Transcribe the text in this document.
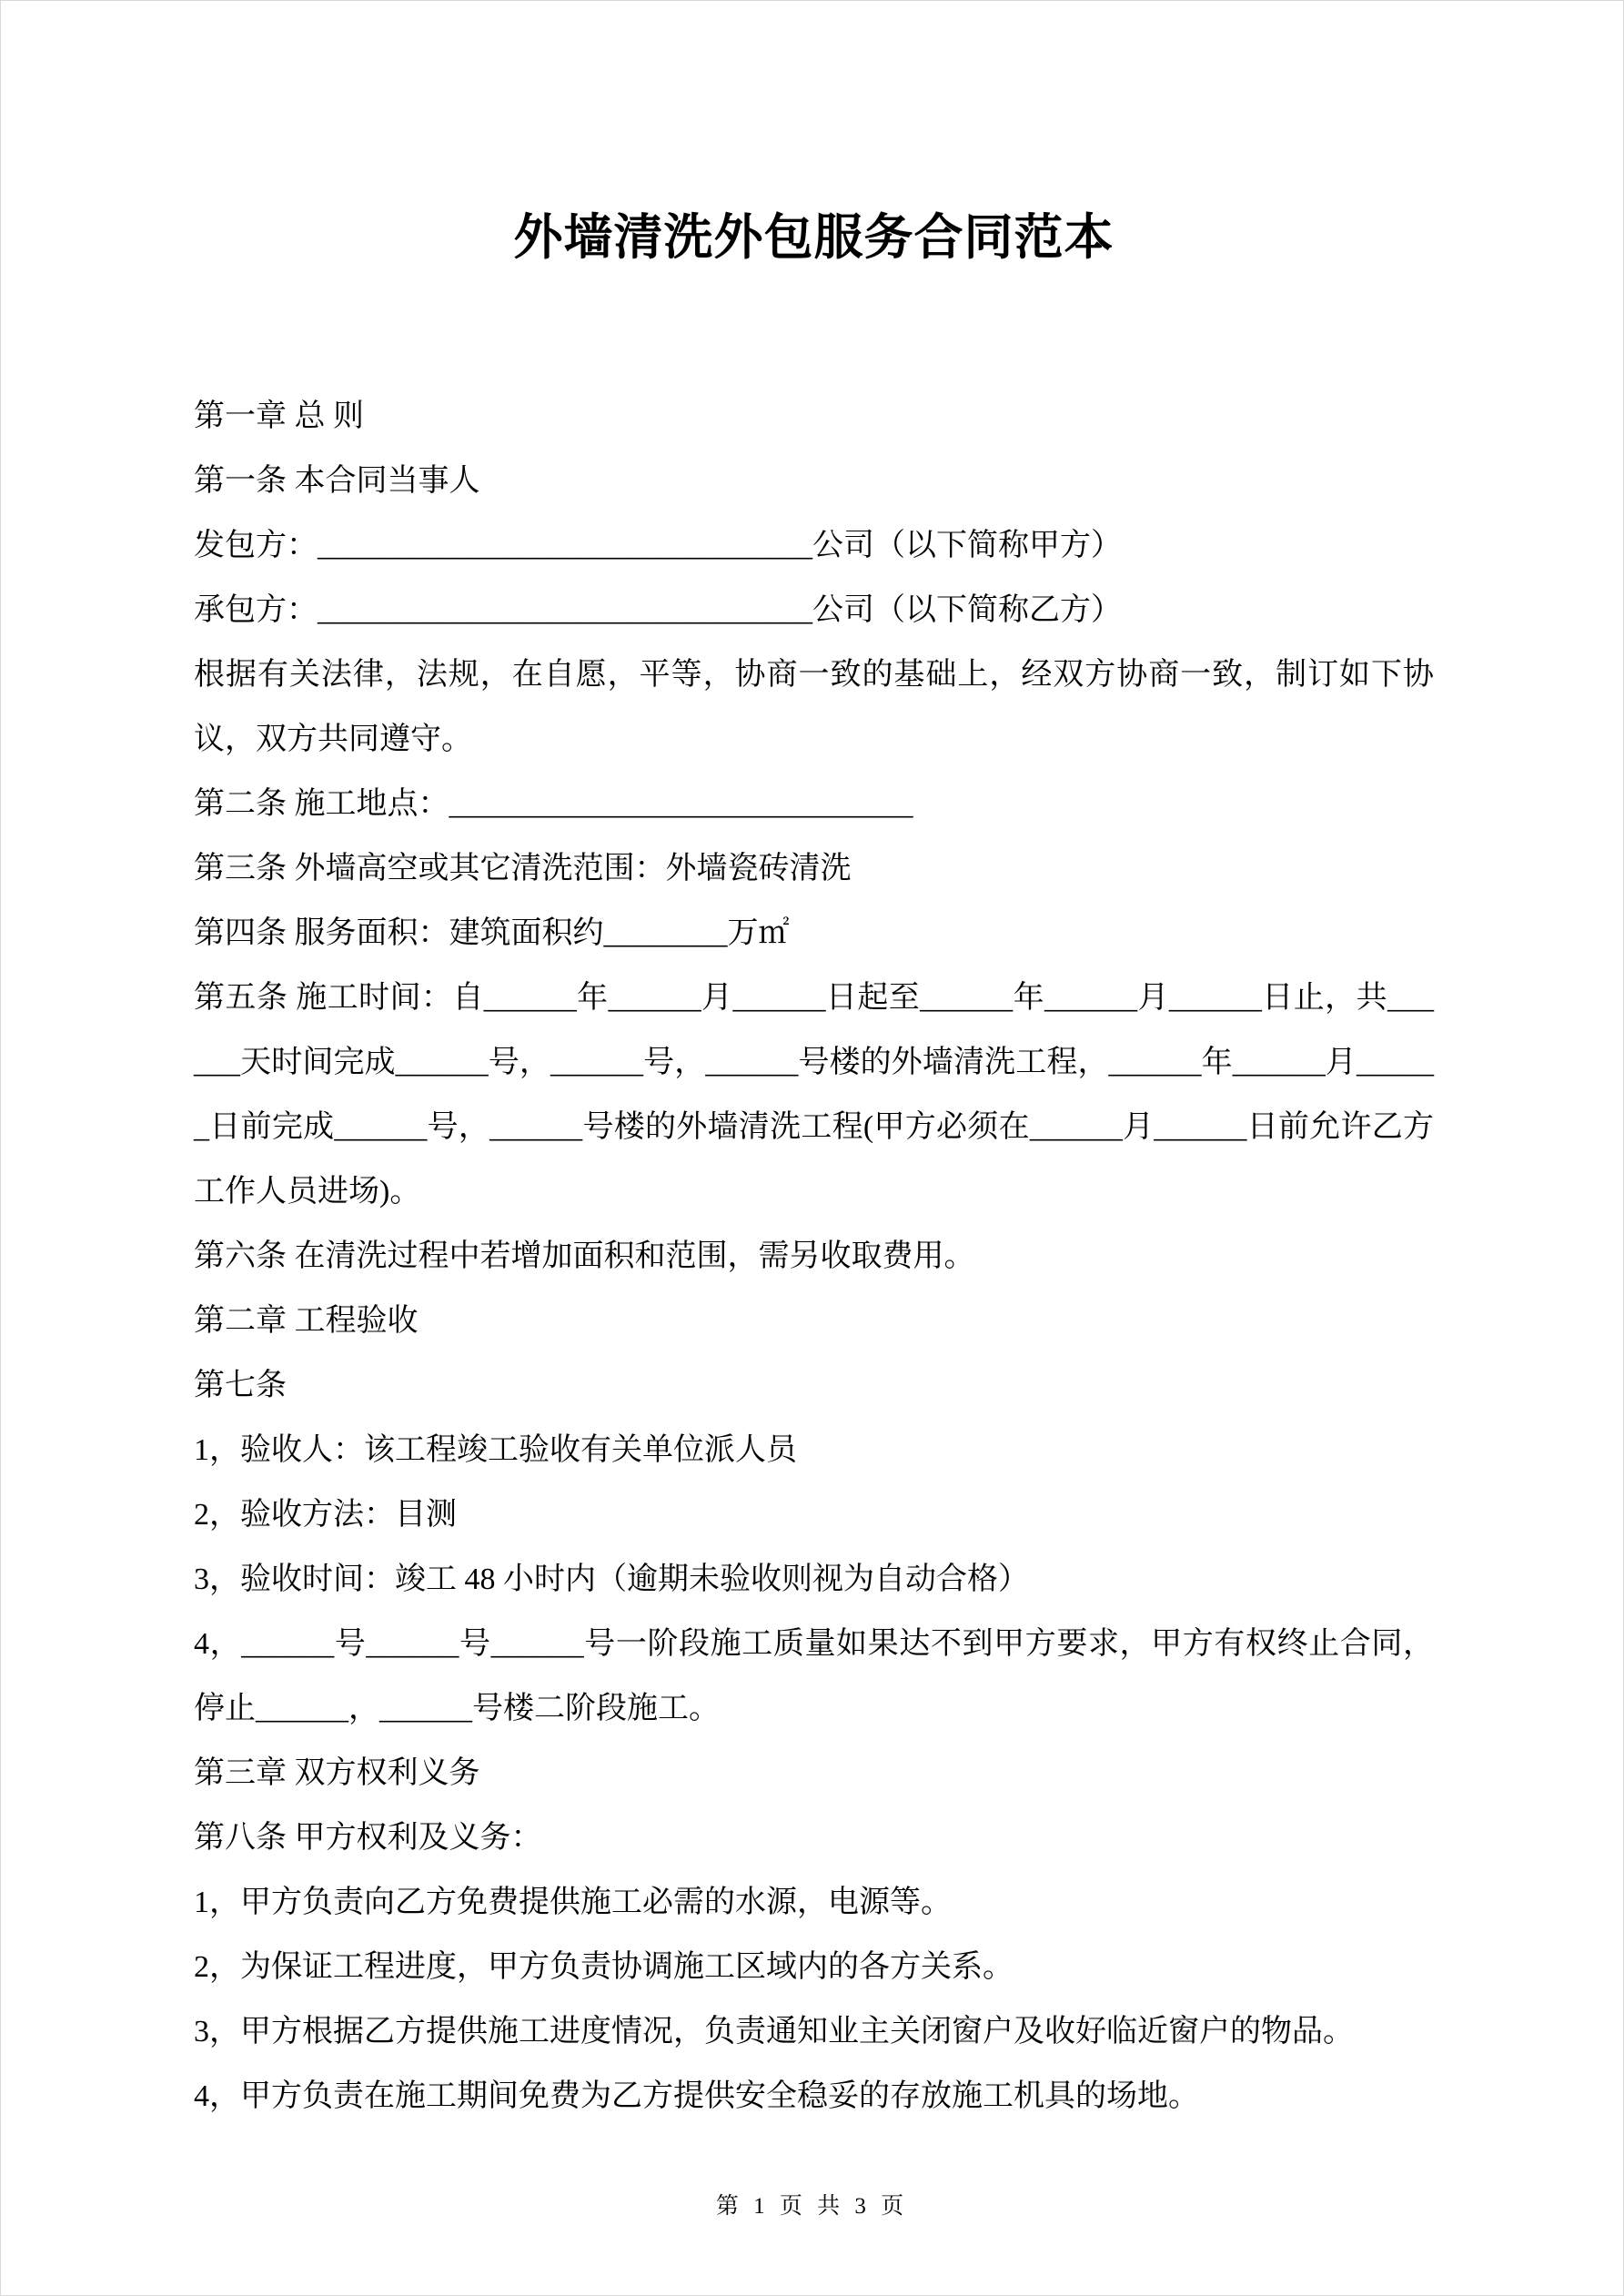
外墙清洗外包服务合同范本

第一章 总 则

第一条 本合同当事人

发包方：________________________________公司（以下简称甲方）

承包方：________________________________公司（以下简称乙方）

根据有关法律，法规，在自愿，平等，协商一致的基础上，经双方协商一致，制订如下协议，双方共同遵守。

第二条 施工地点：______________________________

第三条 外墙高空或其它清洗范围：外墙瓷砖清洗

第四条 服务面积：建筑面积约________万㎡

第五条 施工时间：自______年______月______日起至______年______月______日止，共______天时间完成______号，______号，______号楼的外墙清洗工程，______年______月______日前完成______号，______号楼的外墙清洗工程(甲方必须在______月______日前允许乙方工作人员进场)。

第六条 在清洗过程中若增加面积和范围，需另收取费用。

第二章 工程验收

第七条

1，验收人：该工程竣工验收有关单位派人员

2，验收方法：目测

3，验收时间：竣工 48 小时内（逾期未验收则视为自动合格）

4，______号______号______号一阶段施工质量如果达不到甲方要求，甲方有权终止合同，停止______，______号楼二阶段施工。

第三章 双方权利义务

第八条 甲方权利及义务：

1，甲方负责向乙方免费提供施工必需的水源，电源等。

2，为保证工程进度，甲方负责协调施工区域内的各方关系。

3，甲方根据乙方提供施工进度情况，负责通知业主关闭窗户及收好临近窗户的物品。

4，甲方负责在施工期间免费为乙方提供安全稳妥的存放施工机具的场地。

第 1 页 共 3 页
